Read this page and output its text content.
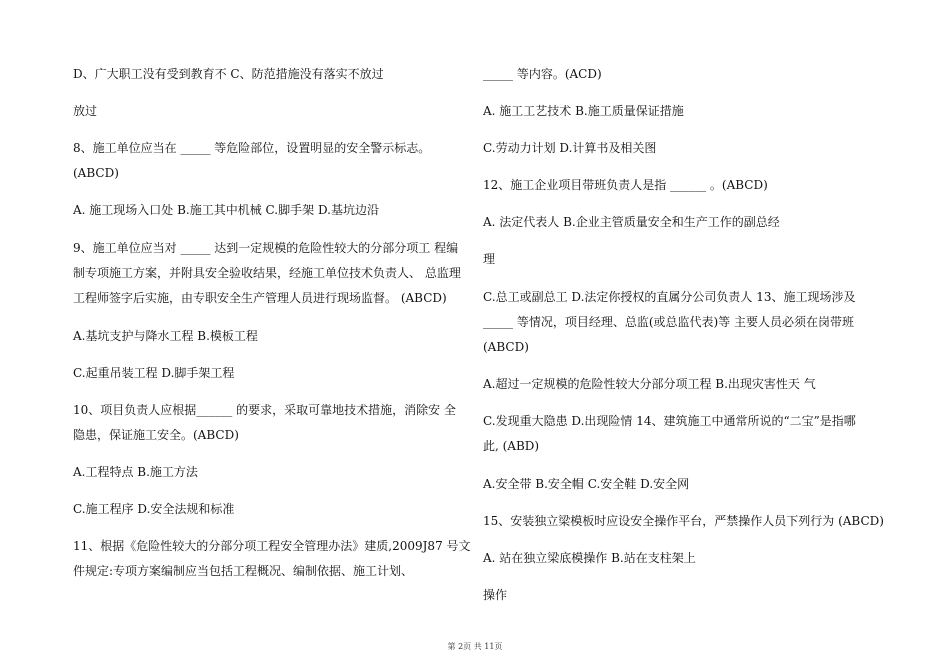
D、广大职工没有受到教育不 C、防范措施没有落实不放过
放过
8、施工单位应当在 _____ 等危险部位，设置明显的安全警示标志。
(ABCD)
A. 施工现场入口处 B.施工其中机械 C.脚手架 D.基坑边沿
9、施工单位应当对 _____ 达到一定规模的危险性较大的分部分项工 程编
制专项施工方案，并附具安全验收结果，经施工单位技术负责人、 总监理
工程师签字后实施，由专职安全生产管理人员进行现场监督。 (ABCD)
A.基坑支护与降水工程 B.模板工程
C.起重吊装工程 D.脚手架工程
10、项目负责人应根据______ 的要求，采取可靠地技术措施，消除安 全
隐患，保证施工安全。(ABCD)
A.工程特点 B.施工方法
C.施工程序 D.安全法规和标准
11、根据《危险性较大的分部分项工程安全管理办法》建质,2009J87 号文
件规定:专项方案编制应当包括工程概况、编制依据、施工计划、
_____ 等内容。(ACD)
A. 施工工艺技术 B.施工质量保证措施
C.劳动力计划 D.计算书及相关图
12、施工企业项目带班负责人是指 ______ 。(ABCD)
A. 法定代表人 B.企业主管质量安全和生产工作的副总经
理
C.总工或副总工 D.法定你授权的直属分公司负责人 13、施工现场涉及
_____ 等情况，项目经理、总监(或总监代表)等 主要人员必须在岗带班
(ABCD)
A.超过一定规模的危险性较大分部分项工程 B.出现灾害性天 气
C.发现重大隐患 D.出现险情 14、建筑施工中通常所说的“二宝”是指哪
此, (ABD)
A.安全带 B.安全帽 C.安全鞋 D.安全网
15、安装独立梁模板时应设安全操作平台，严禁操作人员下列行为 (ABCD)
A. 站在独立梁底模操作 B.站在支柱架上
操作
第 2页 共 11页
